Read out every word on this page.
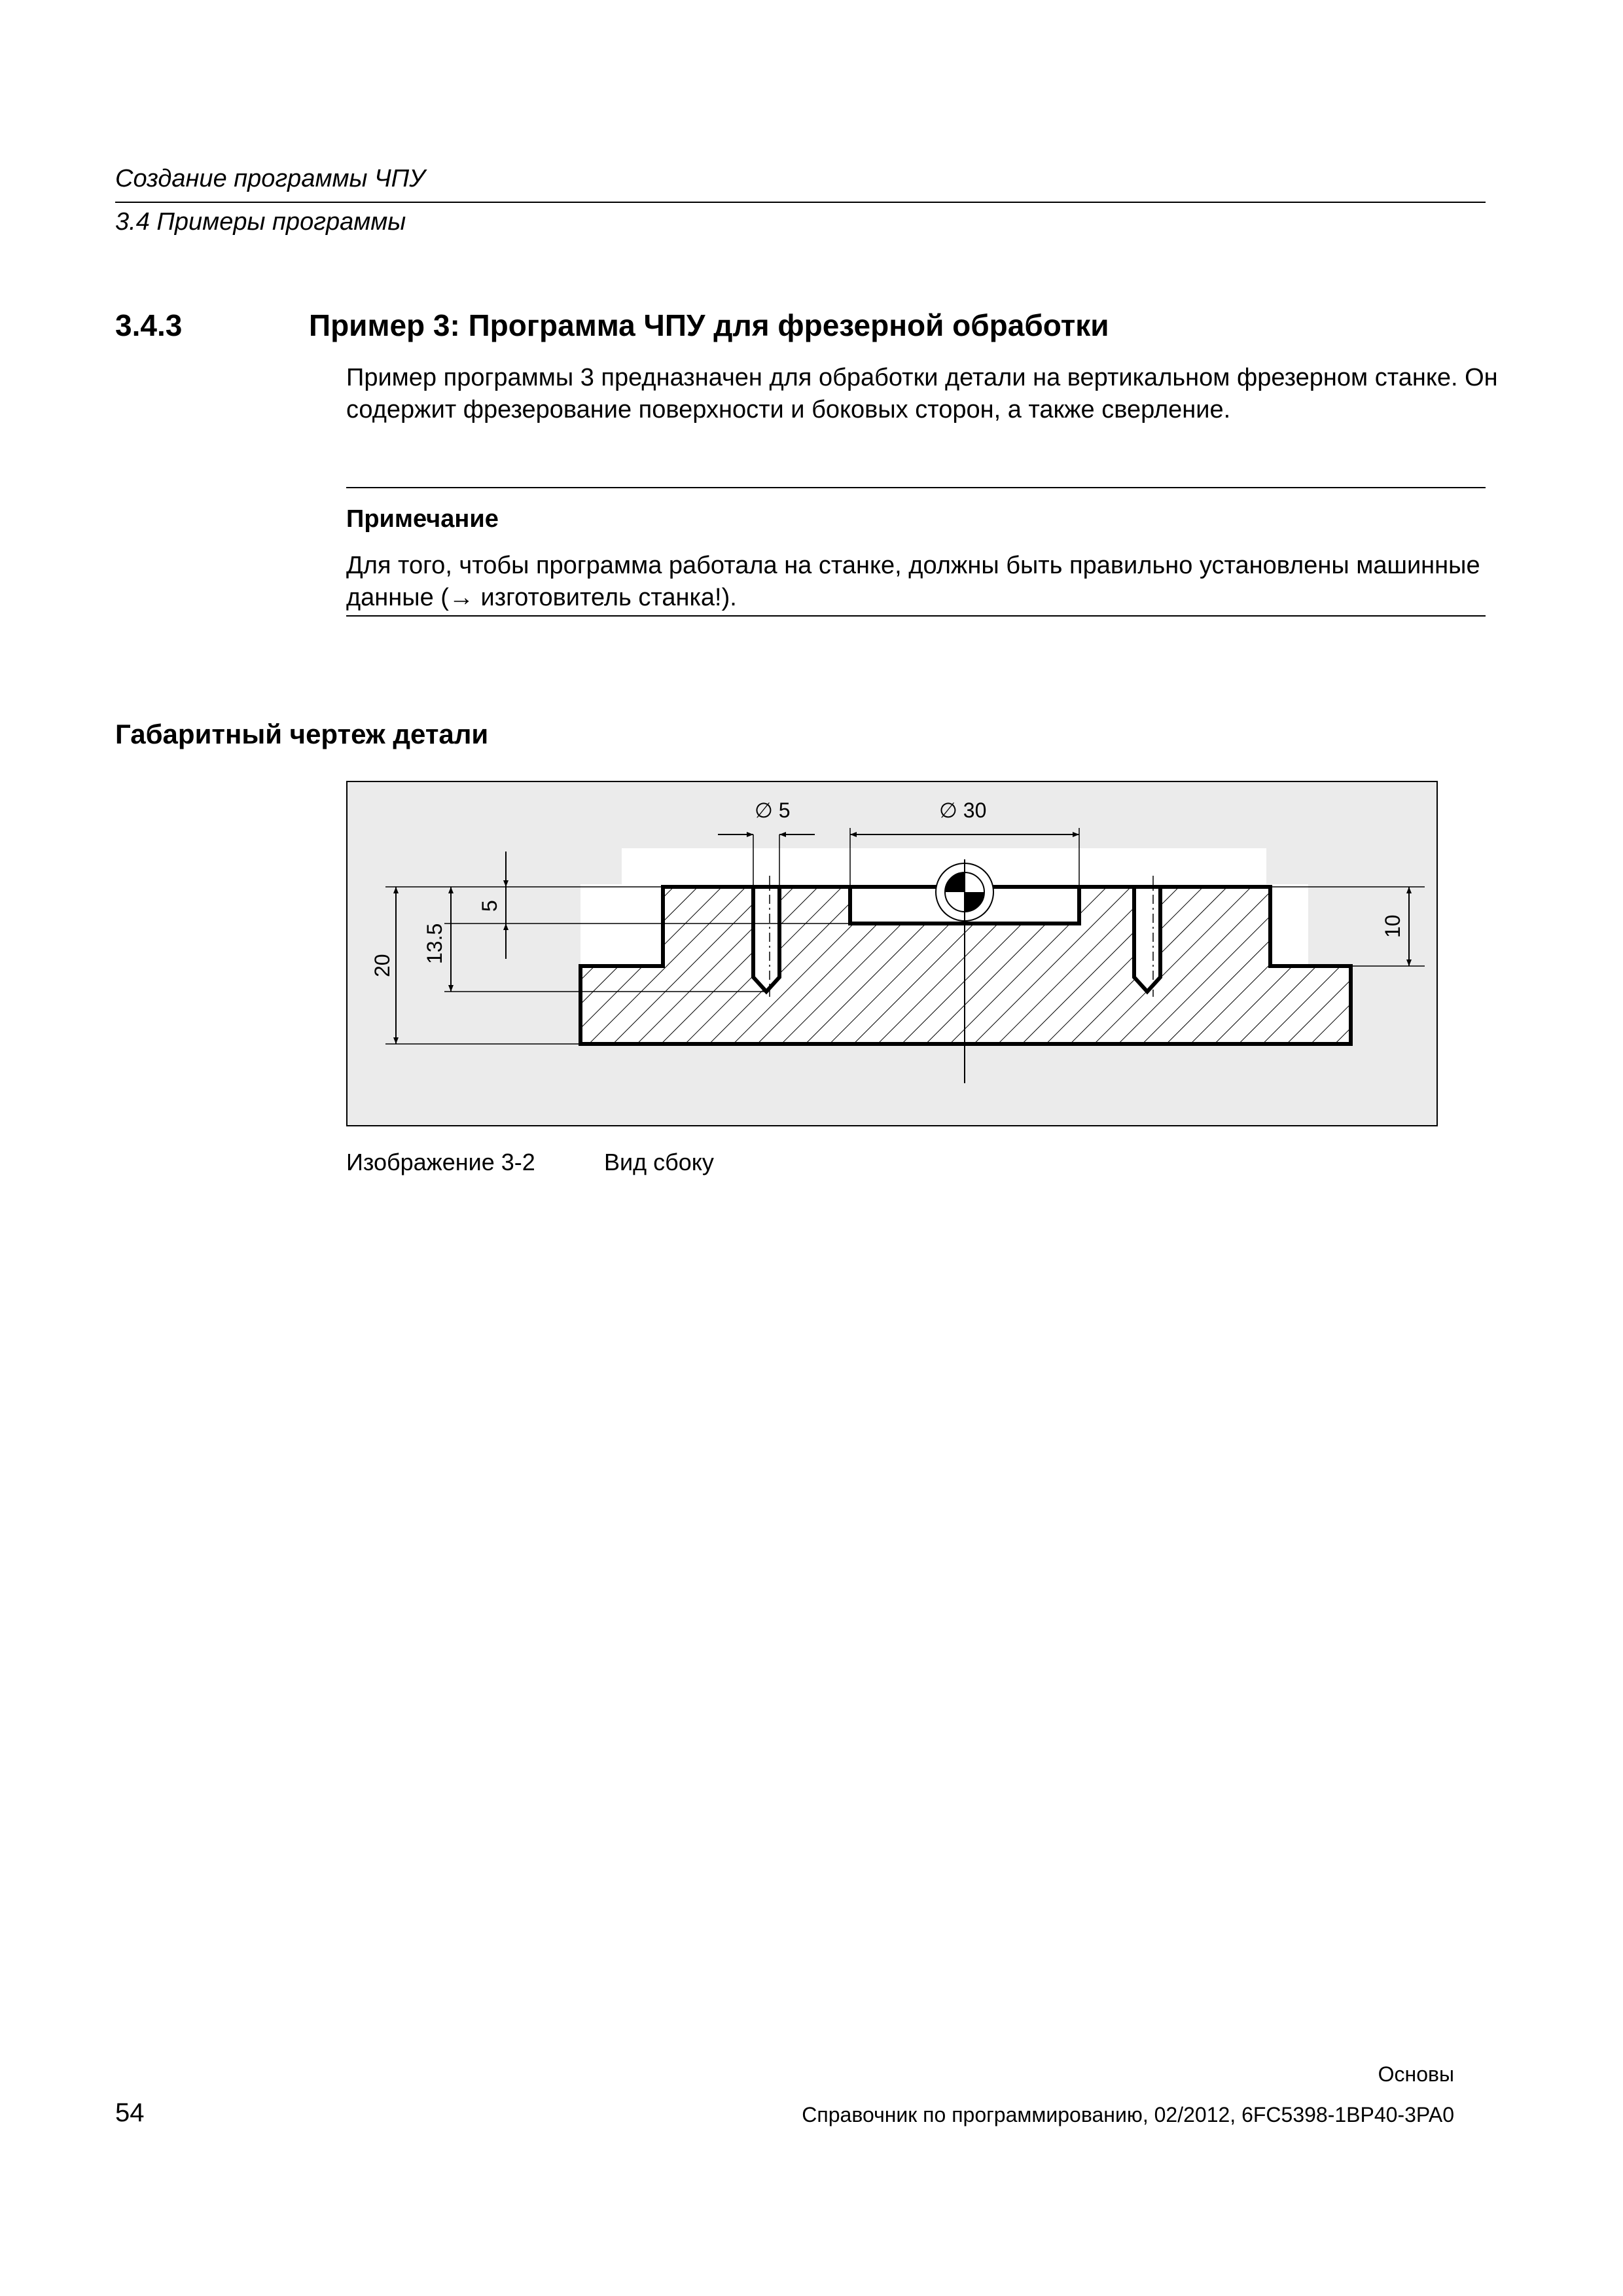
Создание программы ЧПУ
3.4 Примеры программы
3.4.3	Пример 3: Программа ЧПУ для фрезерной обработки
Пример программы 3 предназначен для обработки детали на вертикальном фрезерном станке. Он содержит фрезерование поверхности и боковых сторон, а также сверление.
Примечание
Для того, чтобы программа работала на станке, должны быть правильно установлены машинные данные (→ изготовитель станка!).
Габаритный чертеж детали
∅ 5	∅ 30
20
13.5
5
10
Изображение 3-2	Вид сбоку
Основы
54	Справочник по программированию, 02/2012, 6FC5398-1BP40-3PA0
